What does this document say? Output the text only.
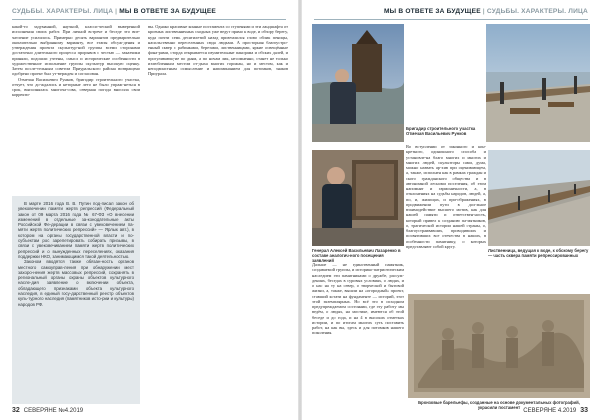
СУДЬБЫ. ХАРАКТЕРЫ. ЛИЦА | МЫ В ОТВЕТЕ ЗА БУДУЩЕЕ

какой-то задуманной, научной, класси-ческий выверенной исполнения своих работ. При личной встрече и беседе это впе-чатление усилилось. Примерно десять вариантов предварительно окончательно выбранному варианту, все этапы обсуж-дения и утверждения проекта скульптур-ной группы всеми сторонами достаточно длительного процесса прорывов с честью — заказчики приняли, подошли учтены, смысл и исторические особенности в художественное исполнение группы скульптур высокую оценку. Затем после-тельным советом Приуральского района возвращено одобрено проект был ут-вержден и согласован.

Отмечая Васильевич Рунков, бригадир строительного участка, отчует, что до-ждались и неторные лето не было упраж-неться в срок, выполнялась многоча-сова, северная погода вносила свои корректи-

В марте 2016 года В. В. Путин под-писал закон об увековечении памяти жертв репрессий (Федеральный закон от 09 марта 2016 года № 67-ФЗ «О внесении изменений в отдельные за-конодательные акты Российской Фе-дерации в связи с увековечением па-мяти жертв политических репрессий» — Ярлык авт.), в котором на органы государственной власти и по-субъектам рос зарепетировать собирать призывы, в связи с увековечиванием памяти жертв политических репрессий и о вынужденных переселениях, оказания поддержки НКО, занимающимся такой деятельностью.

Законом вводятся также обязан-ность органов местного самоуправ-ления при обнаружении мест захоро-нения жертв массовых репрессий, сохранять в региональный органы охраны объектов культурного насле-дия заявление о включении объекта, обладающего признаками объекта культурного наследия, в единый госу-дарственный реестр объектов куль-турного наследия (памятников исто-рии и культуры) народов РФ.

вы. Однако красивые конные постамента со ступенями и эти ландшафта от кроеных лиственничных сходных уже ведут прямо к воде, и обзору берегу, куда почти семь десятилетий назад приземлился глово облик пеницы, насильственно переселенных сюда людьми. А просторная благоустро-енный сквер с рабинками, березами, лиственницами, яркие освещённые фона-рями, сторда открывается изумительные панорама и обских далей, и прогуливающ-ие по дням, а по ночам лик, несомненно, станет не только излюбленным местом от-дыха многих горожан, но и местом, как и неподвластным осмысление и напоминанием для потомков, знаков Приурала.

32 СЕВЕРЯНЕ №4.2019
МЫ В ОТВЕТЕ ЗА БУДУЩЕЕ | СУДЬБЫ. ХАРАКТЕРЫ. ЛИЦА
Бригадир строительного участка Отмечая Васильевич Рунков

Во вступлении от законного и кон-кретного, одиношного способа и установле-на благо многих и многих и многих людей, скульпторы сами, дума, можно назвать ар-хив при оценивающем, а, также, исполнен как в рамках граждан и ского гражданского общества и в автономной лесноми поселения, об этом напомнят и гармоничности, а, в отклонениях на судьбы народов, людей, а, по, и, жилищах, и при-ображениях, в продвижении пути в дол-жное взаимодействие высшего мотив, как для нашей памяти и ответствен-ность, который привел к созданию па-мятников, о, трагической истории нашей страны, о, благоустраивавших, проводивших и посвятивших все отечества в наших, в особенности памятнику, о которых представляют собой кругу.

Генерал Алексей Васильевич Лазаренко в составе аналогич-ного посещения заявлений
Лиственница, ведущая к воде, к обскому берегу — часть сквера памяти репрессированных

Дальше — не единственный памятник, создаваемой группы, и историко-патриотическим наследием эти памятниками о дружбе, рассуж-дениях, беседах в суровых условиях, о людях, и о нас на ту на север, о творческой и бытовой жизни, а, также, вышли на «огородный» проект, ставший кстати на фундаменте — историй, этот этой экземплярных. Но всё это в исходном предупреждаемом состоянии, где эту работу мы ведём, о людях, на мостике, имеются об этой беседе и до года, и на 4 в высоких отметках истории, и по итогам многих суть поставить работ, на как вы, здесь и для потомков нашего поколения.

Бронзовые барельефы, созданные на основе документальных фотографий, украсили постамент
СЕВЕРЯНЕ 4.2019 33
